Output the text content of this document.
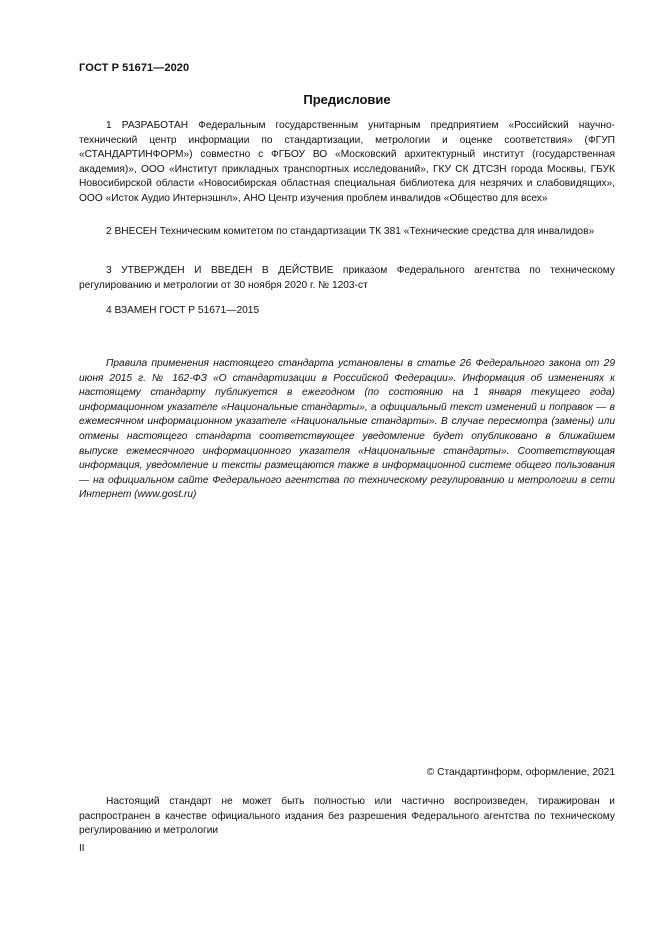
ГОСТ Р 51671—2020
Предисловие

1 РАЗРАБОТАН Федеральным государственным унитарным предприятием «Российский научно-технический центр информации по стандартизации, метрологии и оценке соответствия» (ФГУП «СТАНДАРТИНФОРМ») совместно с ФГБОУ ВО «Московский архитектурный институт (государственная академия)», ООО «Институт прикладных транспортных исследований», ГКУ СК ДТСЗН города Москвы, ГБУК Новосибирской области «Новосибирская областная специальная библиотека для незрячих и слабовидящих», ООО «Исток Аудио Интернэшнл», АНО Центр изучения проблем инвалидов «Общество для всех»

2 ВНЕСЕН Техническим комитетом по стандартизации ТК 381 «Технические средства для инвалидов»

3 УТВЕРЖДЕН И ВВЕДЕН В ДЕЙСТВИЕ приказом Федерального агентства по техническому регулированию и метрологии от 30 ноября 2020 г. № 1203-ст

4 ВЗАМЕН ГОСТ Р 51671—2015

Правила применения настоящего стандарта установлены в статье 26 Федерального закона от 29 июня 2015 г. № 162-ФЗ «О стандартизации в Российской Федерации». Информация об изменениях к настоящему стандарту публикуется в ежегодном (по состоянию на 1 января текущего года) информационном указателе «Национальные стандарты», а официальный текст изменений и поправок — в ежемесячном информационном указателе «Национальные стандарты». В случае пересмотра (замены) или отмены настоящего стандарта соответствующее уведомление будет опубликовано в ближайшем выпуске ежемесячного информационного указателя «Национальные стандарты». Соответствующая информация, уведомление и тексты размещаются также в информационной системе общего пользования — на официальном сайте Федерального агентства по техническому регулированию и метрологии в сети Интернет (www.gost.ru)

© Стандартинформ, оформление, 2021

Настоящий стандарт не может быть полностью или частично воспроизведен, тиражирован и распространен в качестве официального издания без разрешения Федерального агентства по техническому регулированию и метрологии

II
